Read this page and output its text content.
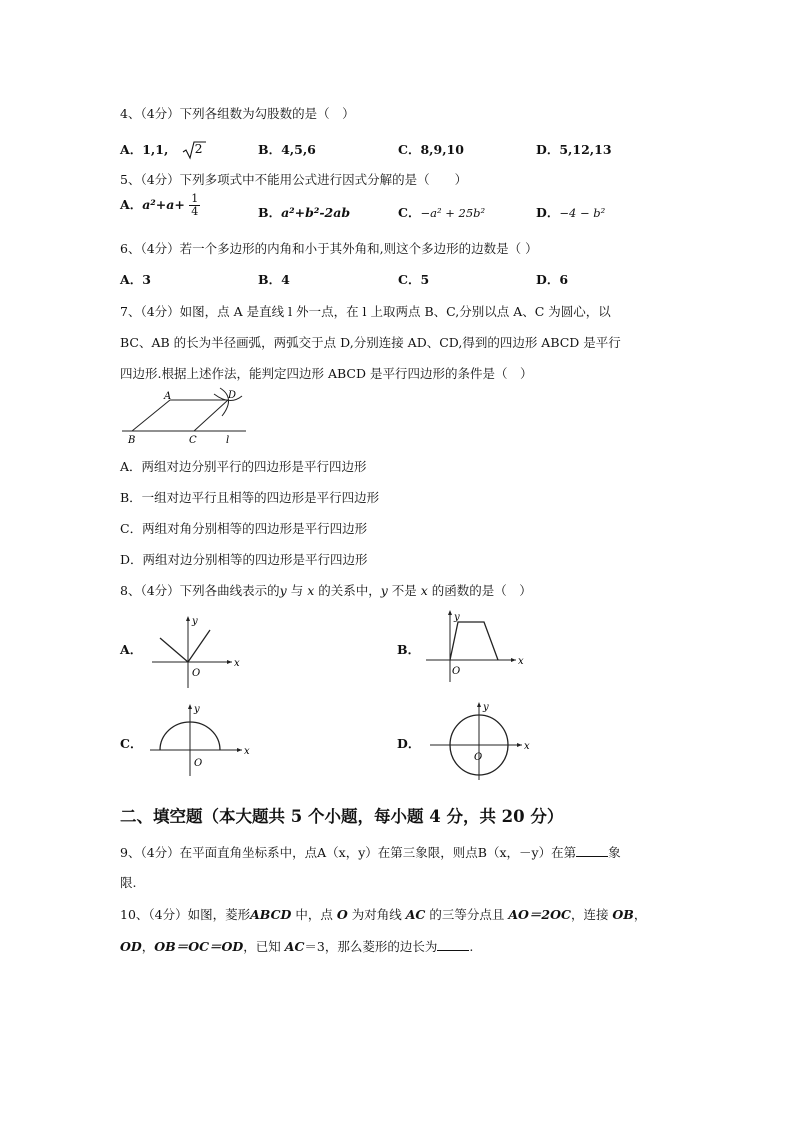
4、（4分）下列各组数为勾股数的是（　）
A．1,1, 2	B．4,5,6	C．8,9,10	D．5,12,13
5、（4分）下列多项式中不能用公式进行因式分解的是（　　）
A．$a^2+a+ \frac{1}{4}$	B．a²+b²-2ab	C．−a² + 25b²	D．−4 − b²
6、（4分）若一个多边形的内角和小于其外角和,则这个多边形的边数是（ ）
A．3	B．4	C．5	D．6
7、（4分）如图，点 A 是直线 l 外一点，在 l 上取两点 B、C,分别以点 A、C 为圆心，以
BC、AB 的长为半径画弧，两弧交于点 D,分别连接 AD、CD,得到的四边形 ABCD 是平行
四边形.根据上述作法，能判定四边形 ABCD 是平行四边形的条件是（　）
A
B	C
D
l
A．两组对边分别平行的四边形是平行四边形
B．一组对边平行且相等的四边形是平行四边形
C．两组对角分别相等的四边形是平行四边形
D．两组对边分别相等的四边形是平行四边形
8、（4分）下列各曲线表示的y 与 x 的关系中，y 不是 x 的函数的是（　）
A．
x
y
O
B．
x
y
O
C．
x
y
O
D．	x
y
O
二、填空题（本大题共 5 个小题，每小题 4 分，共 20 分）
9、（4分）在平面直角坐标系中，点A（x，y）在第三象限，则点B（x，－y）在第	象
限.
10、（4分）如图，菱形ABCD 中，点 O 为对角线 AC 的三等分点且 AO＝2OC，连接 OB，
OD，OB＝OC＝OD，已知 AC＝3，那么菱形的边长为	.
